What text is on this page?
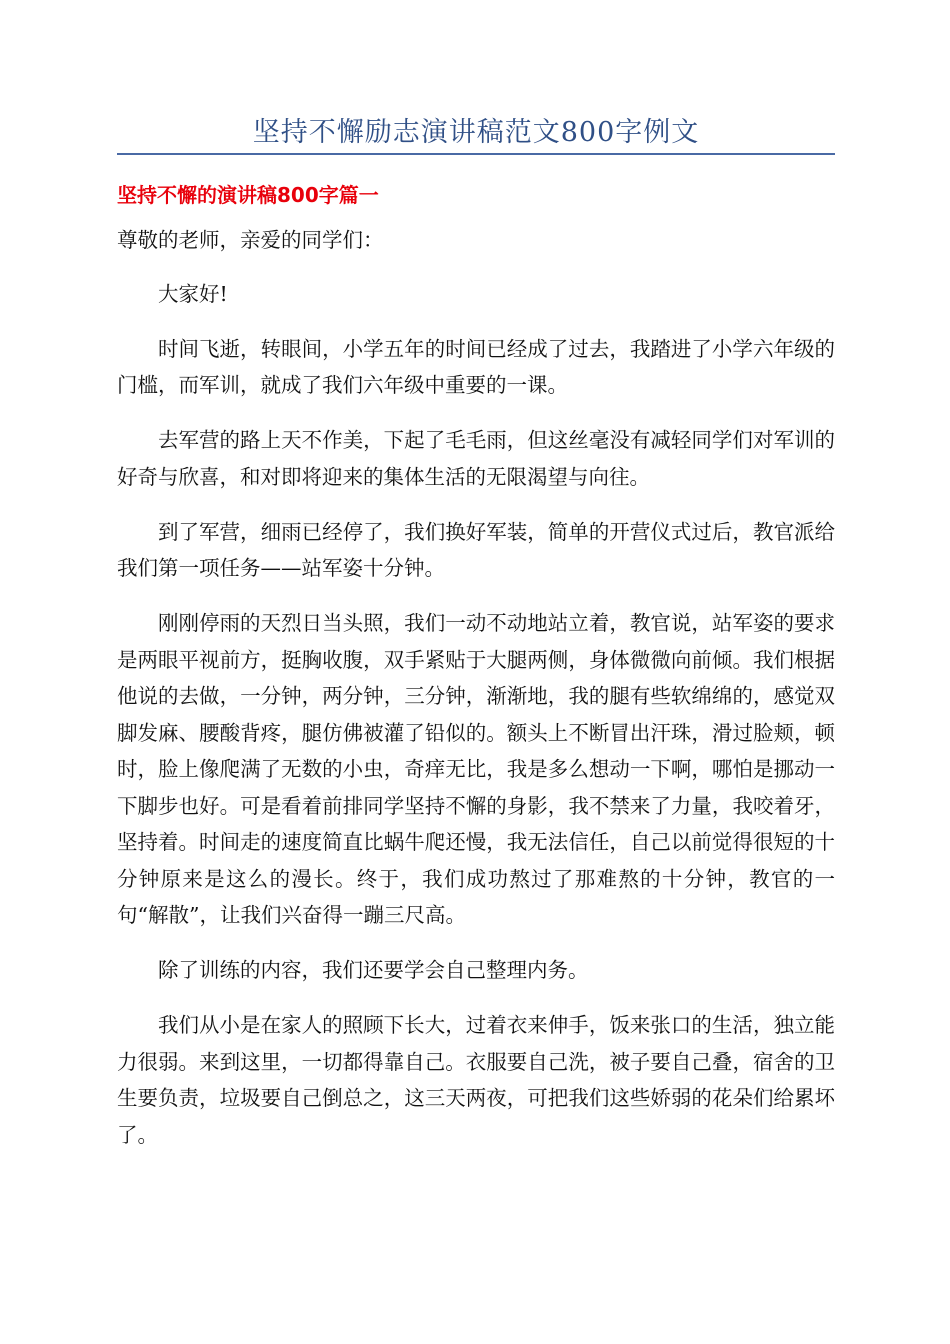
坚持不懈励志演讲稿范文800字例文
坚持不懈的演讲稿800字篇一

尊敬的老师，亲爱的同学们：

大家好!

时间飞逝，转眼间，小学五年的时间已经成了过去，我踏进了小学六年级的门槛，而军训，就成了我们六年级中重要的一课。

去军营的路上天不作美，下起了毛毛雨，但这丝毫没有减轻同学们对军训的好奇与欣喜，和对即将迎来的集体生活的无限渴望与向往。

到了军营，细雨已经停了，我们换好军装，简单的开营仪式过后，教官派给我们第一项任务——站军姿十分钟。

刚刚停雨的天烈日当头照，我们一动不动地站立着，教官说，站军姿的要求是两眼平视前方，挺胸收腹，双手紧贴于大腿两侧，身体微微向前倾。我们根据他说的去做，一分钟，两分钟，三分钟，渐渐地，我的腿有些软绵绵的，感觉双脚发麻、腰酸背疼，腿仿佛被灌了铅似的。额头上不断冒出汗珠，滑过脸颊，顿时，脸上像爬满了无数的小虫，奇痒无比，我是多么想动一下啊，哪怕是挪动一下脚步也好。可是看着前排同学坚持不懈的身影，我不禁来了力量，我咬着牙，坚持着。时间走的速度简直比蜗牛爬还慢，我无法信任，自己以前觉得很短的十分钟原来是这么的漫长。终于，我们成功熬过了那难熬的十分钟，教官的一句“解散”，让我们兴奋得一蹦三尺高。

除了训练的内容，我们还要学会自己整理内务。

我们从小是在家人的照顾下长大，过着衣来伸手，饭来张口的生活，独立能力很弱。来到这里，一切都得靠自己。衣服要自己洗，被子要自己叠，宿舍的卫生要负责，垃圾要自己倒总之，这三天两夜，可把我们这些娇弱的花朵们给累坏了。
